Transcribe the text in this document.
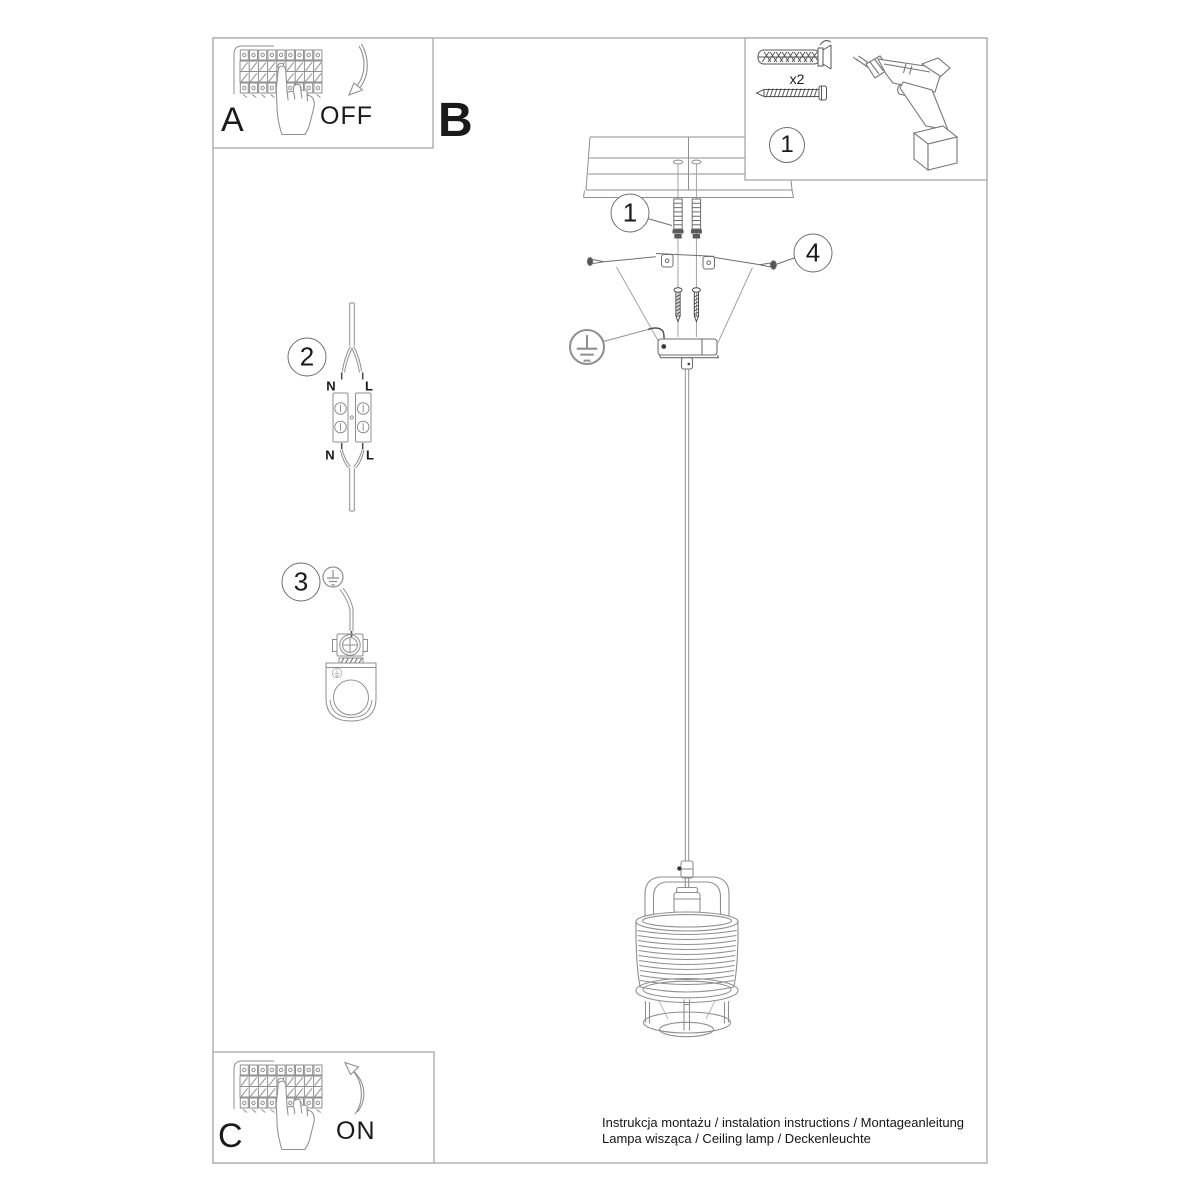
A	OFF B
C	ON
x2
1
1
4
2
3
N L
N L
Instrukcja montażu / instalation instructions / Montageanleitung
Lampa wisząca / Ceiling lamp / Deckenleuchte
